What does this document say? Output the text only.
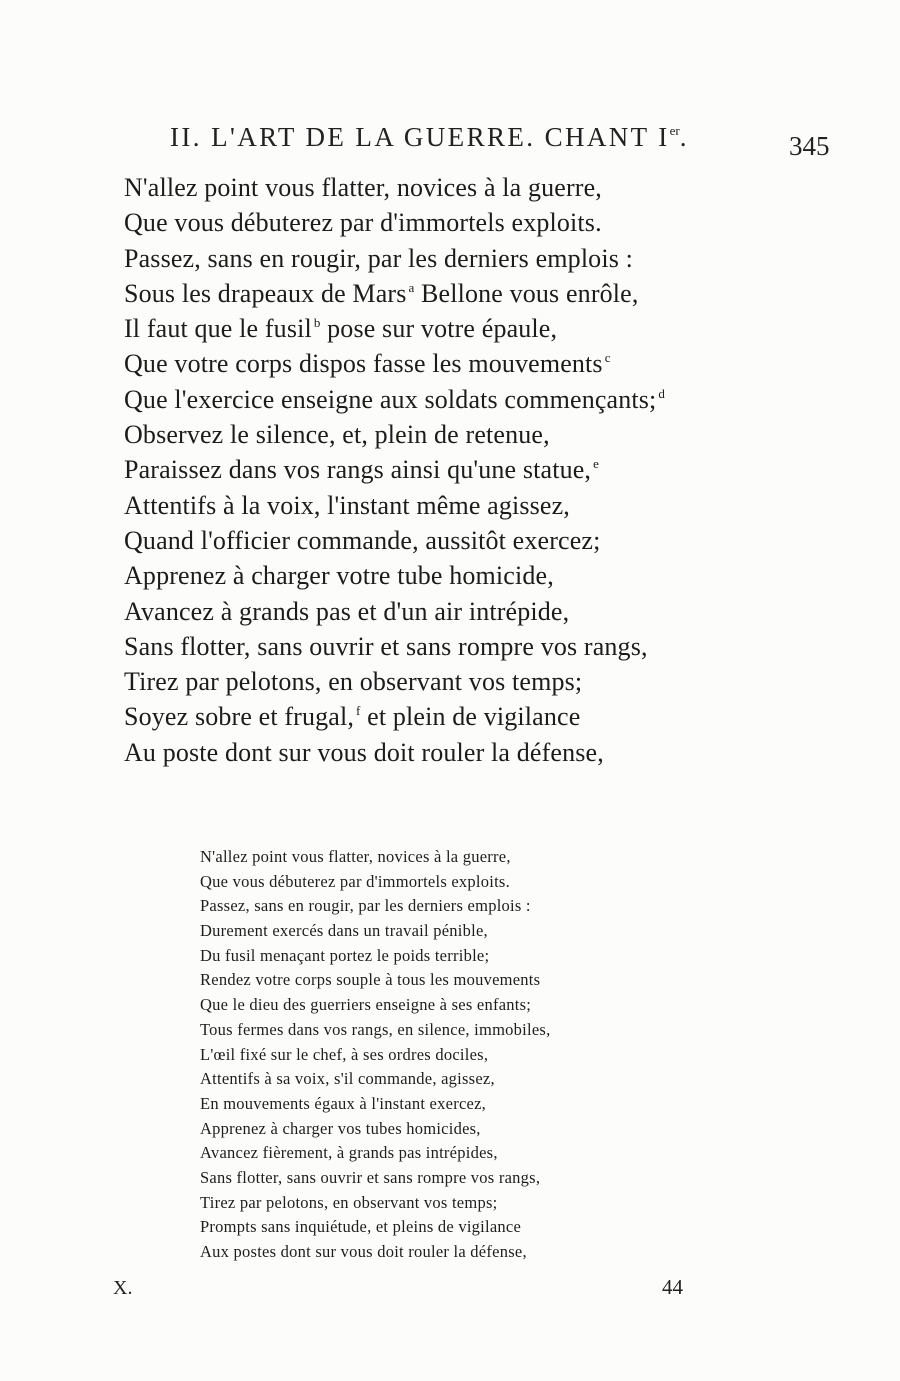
II. L'ART DE LA GUERRE. CHANT Ier.	345
N'allez point vous flatter, novices à la guerre,
Que vous débuterez par d'immortels exploits.
Passez, sans en rougir, par les derniers emplois :
Sous les drapeaux de Mars $^a$ Bellone vous enrôle,
Il faut que le fusil $^b$ pose sur votre épaule,
Que votre corps dispos fasse les mouvements $^c$
Que l'exercice enseigne aux soldats commençants; $^d$
Observez le silence, et, plein de retenue,
Paraissez dans vos rangs ainsi qu'une statue, $^e$
Attentifs à la voix, l'instant même agissez,
Quand l'officier commande, aussitôt exercez;
Apprenez à charger votre tube homicide,
Avancez à grands pas et d'un air intrépide,
Sans flotter, sans ouvrir et sans rompre vos rangs,
Tirez par pelotons, en observant vos temps;
Soyez sobre et frugal, $^f$ et plein de vigilance
Au poste dont sur vous doit rouler la défense,
N'allez point vous flatter, novices à la guerre,
Que vous débuterez par d'immortels exploits.
Passez, sans en rougir, par les derniers emplois :
Durement exercés dans un travail pénible,
Du fusil menaçant portez le poids terrible;
Rendez votre corps souple à tous les mouvements
Que le dieu des guerriers enseigne à ses enfants;
Tous fermes dans vos rangs, en silence, immobiles,
L'œil fixé sur le chef, à ses ordres dociles,
Attentifs à sa voix, s'il commande, agissez,
En mouvements égaux à l'instant exercez,
Apprenez à charger vos tubes homicides,
Avancez fièrement, à grands pas intrépides,
Sans flotter, sans ouvrir et sans rompre vos rangs,
Tirez par pelotons, en observant vos temps;
Prompts sans inquiétude, et pleins de vigilance
Aux postes dont sur vous doit rouler la défense,
X.	44
